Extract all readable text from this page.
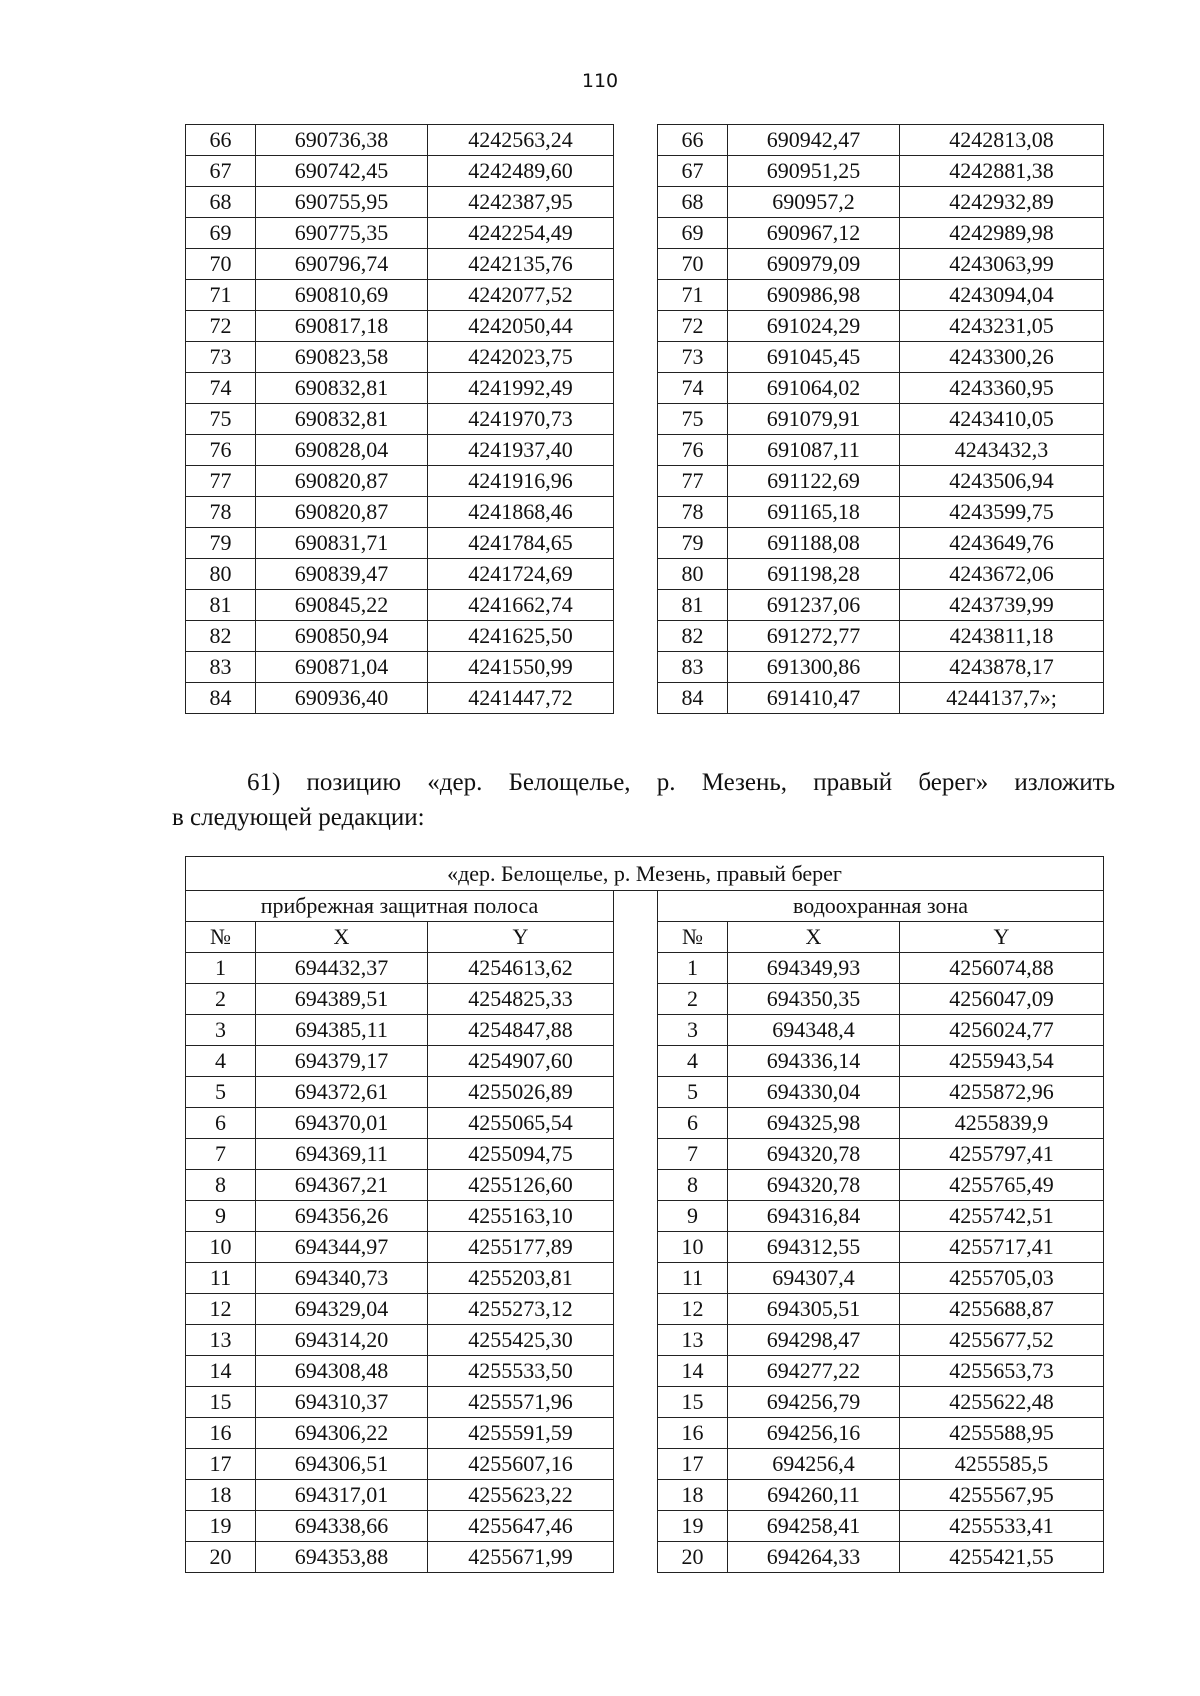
110
66	690736,38	4242563,24		66	690942,47	4242813,08
67	690742,45	4242489,60		67	690951,25	4242881,38
68	690755,95	4242387,95		68	690957,2	4242932,89
69	690775,35	4242254,49		69	690967,12	4242989,98
70	690796,74	4242135,76		70	690979,09	4243063,99
71	690810,69	4242077,52		71	690986,98	4243094,04
72	690817,18	4242050,44		72	691024,29	4243231,05
73	690823,58	4242023,75		73	691045,45	4243300,26
74	690832,81	4241992,49		74	691064,02	4243360,95
75	690832,81	4241970,73		75	691079,91	4243410,05
76	690828,04	4241937,40		76	691087,11	4243432,3
77	690820,87	4241916,96		77	691122,69	4243506,94
78	690820,87	4241868,46		78	691165,18	4243599,75
79	690831,71	4241784,65		79	691188,08	4243649,76
80	690839,47	4241724,69		80	691198,28	4243672,06
81	690845,22	4241662,74		81	691237,06	4243739,99
82	690850,94	4241625,50		82	691272,77	4243811,18
83	690871,04	4241550,99		83	691300,86	4243878,17
84	690936,40	4241447,72		84	691410,47	4244137,7»;
61) позицию «дер. Белощелье, р. Мезень, правый берег» изложить
в следующей редакции:
«дер. Белощелье, р. Мезень, правый берег						
прибрежная защитная полоса				водоохранная зона		
№	X	Y		№	X	Y
1	694432,37	4254613,62		1	694349,93	4256074,88
2	694389,51	4254825,33		2	694350,35	4256047,09
3	694385,11	4254847,88		3	694348,4	4256024,77
4	694379,17	4254907,60		4	694336,14	4255943,54
5	694372,61	4255026,89		5	694330,04	4255872,96
6	694370,01	4255065,54		6	694325,98	4255839,9
7	694369,11	4255094,75		7	694320,78	4255797,41
8	694367,21	4255126,60		8	694320,78	4255765,49
9	694356,26	4255163,10		9	694316,84	4255742,51
10	694344,97	4255177,89		10	694312,55	4255717,41
11	694340,73	4255203,81		11	694307,4	4255705,03
12	694329,04	4255273,12		12	694305,51	4255688,87
13	694314,20	4255425,30		13	694298,47	4255677,52
14	694308,48	4255533,50		14	694277,22	4255653,73
15	694310,37	4255571,96		15	694256,79	4255622,48
16	694306,22	4255591,59		16	694256,16	4255588,95
17	694306,51	4255607,16		17	694256,4	4255585,5
18	694317,01	4255623,22		18	694260,11	4255567,95
19	694338,66	4255647,46		19	694258,41	4255533,41
20	694353,88	4255671,99		20	694264,33	4255421,55
